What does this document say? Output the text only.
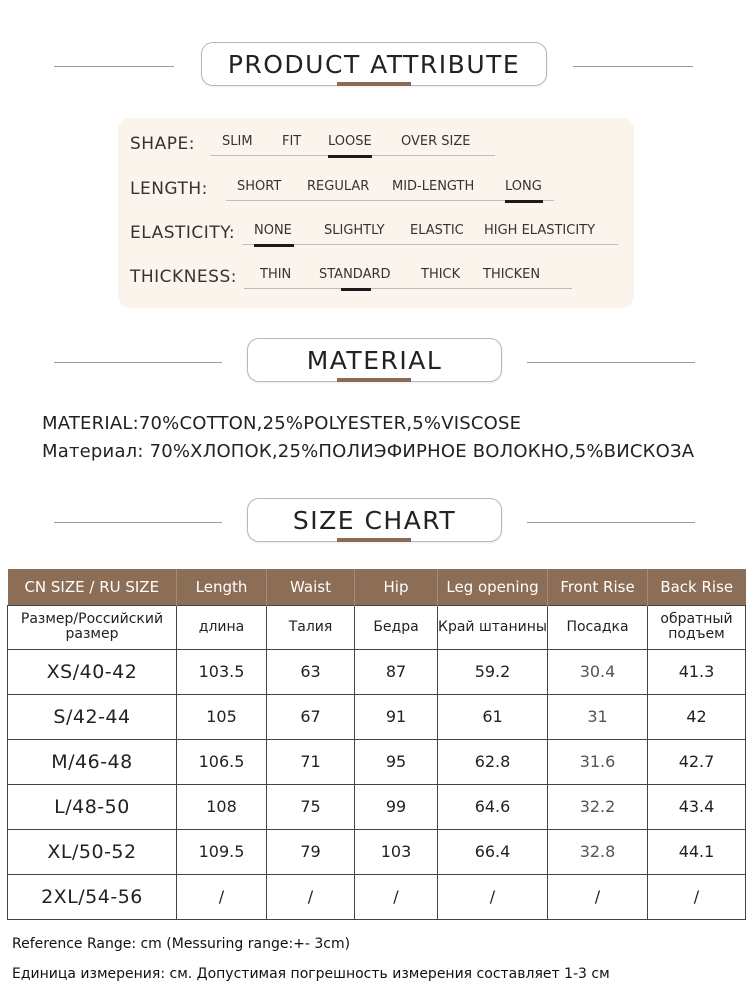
PRODUCT ATTRIBUTE
SHAPE: SLIM FIT LOOSE OVER SIZE
LENGTH: SHORT REGULAR MID-LENGTH LONG
ELASTICITY: NONE SLIGHTLY ELASTIC HIGH ELASTICITY
THICKNESS: THIN STANDARD THICK THICKEN
MATERIAL
MATERIAL:70%COTTON,25%POLYESTER,5%VISCOSE
Материал: 70%ХЛОПОК,25%ПОЛИЭФИРНОЕ ВОЛОКНО,5%ВИСКОЗА
SIZE CHART
CN SIZE / RU SIZE	Length	Waist	Hip	Leg opening	Front Rise	Back Rise
Размер/Российский размер	длина	Талия	Бедра	Край штанины	Посадка	обратный подъем
XS/40-42	103.5	63	87	59.2	30.4	41.3
S/42-44	105	67	91	61	31	42
M/46-48	106.5	71	95	62.8	31.6	42.7
L/48-50	108	75	99	64.6	32.2	43.4
XL/50-52	109.5	79	103	66.4	32.8	44.1
2XL/54-56	/	/	/	/	/	/
Reference Range: cm (Messuring range:+- 3cm)
Единица измерения: см. Допустимая погрешность измерения составляет 1-3 см
